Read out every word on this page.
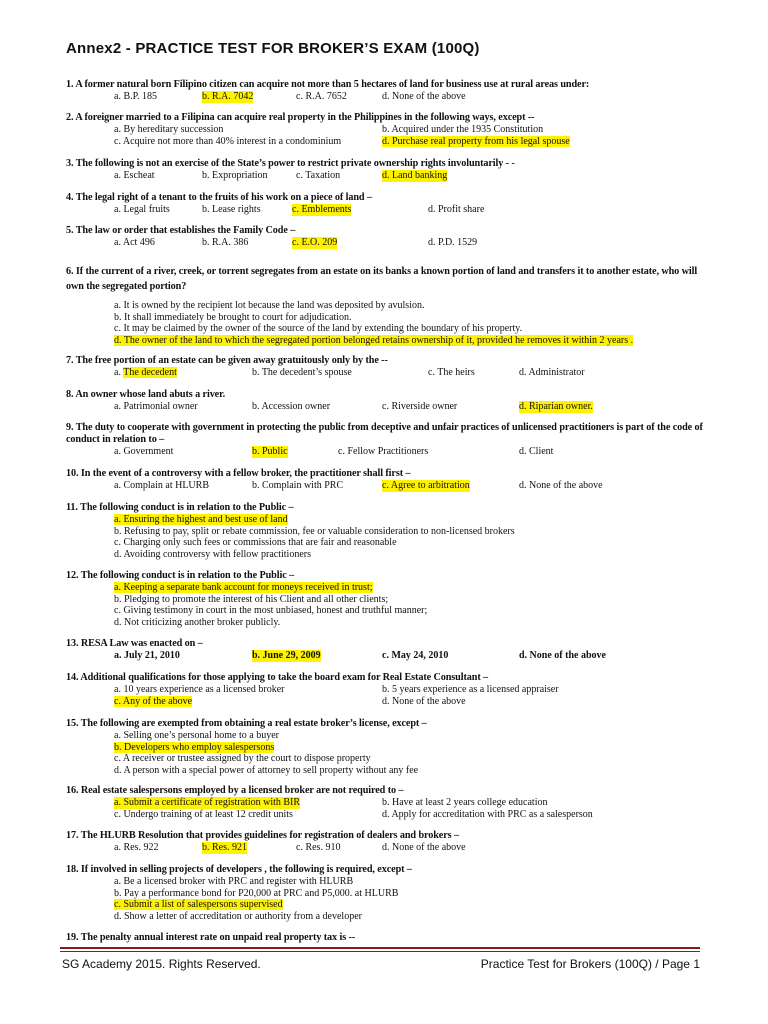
Annex2 - PRACTICE TEST FOR BROKER’S EXAM (100Q)
1. A former natural born Filipino citizen can acquire not more than 5 hectares of land for business use at rural areas under:
a. B.P. 185	b. R.A. 7042	c. R.A. 7652	d. None of the above
2. A foreigner married to a Filipina can acquire real property in the Philippines in the following ways, except --
a. By hereditary succession	b. Acquired under the 1935 Constitution
c. Acquire not more than 40% interest in a condominium	d. Purchase real property from his legal spouse
3. The following is not an exercise of the State’s power to restrict private ownership rights involuntarily - -
a. Escheat	b. Expropriation	c. Taxation	d. Land banking
4. The legal right of a tenant to the fruits of his work on a piece of land –
a. Legal fruits	b. Lease rights	c. Emblements	d. Profit share
5. The law or order that establishes the Family Code –
a. Act 496	b. R.A. 386	c. E.O. 209	d. P.D. 1529
6. If the current of a river, creek, or torrent segregates from an estate on its banks a known portion of land and transfers it to another estate, who will own the segregated portion?
a. It is owned by the recipient lot because the land was deposited by avulsion.
b. It shall immediately be brought to court for adjudication.
c. It may be claimed by the owner of the source of the land by extending the boundary of his property.
d. The owner of the land to which the segregated portion belonged retains ownership of it, provided he removes it within 2 years .
7. The free portion of an estate can be given away gratuitously only by the --
a. The decedent	b. The decedent’s spouse	c. The heirs	d. Administrator
8. An owner whose land abuts a river.
a. Patrimonial owner	b. Accession owner	c. Riverside owner	d. Riparian owner.
9. The duty to cooperate with government in protecting the public from deceptive and unfair practices of unlicensed practitioners is part of the code of conduct in relation to –
a. Government	b. Public	c. Fellow Practitioners	d. Client
10. In the event of a controversy with a fellow broker, the practitioner shall first –
a. Complain at HLURB	b. Complain with PRC	c. Agree to arbitration	d. None of the above
11. The following conduct is in relation to the Public –
a. Ensuring the highest and best use of land
b. Refusing to pay, split or rebate commission, fee or valuable consideration to non-licensed brokers
c. Charging only such fees or commissions that are fair and reasonable
d. Avoiding controversy with fellow practitioners
12. The following conduct is in relation to the Public –
a. Keeping a separate bank account for moneys received in trust;
b. Pledging to promote the interest of his Client and all other clients;
c. Giving testimony in court in the most unbiased, honest and truthful manner;
d. Not criticizing another broker publicly.
13. RESA Law was enacted on –
a. July 21, 2010	b. June 29, 2009	c. May 24, 2010	d. None of the above
14. Additional qualifications for those applying to take the board exam for Real Estate Consultant –
a. 10 years experience as a licensed broker	b. 5 years experience as a licensed appraiser
c. Any of the above	d. None of the above
15. The following are exempted from obtaining a real estate broker’s license, except –
a. Selling one’s personal home to a buyer
b. Developers who employ salespersons
c. A receiver or trustee assigned by the court to dispose property
d. A person with a special power of attorney to sell property without any fee
16. Real estate salespersons employed by a licensed broker are not required to –
a. Submit a certificate of registration with BIR	b. Have at least 2 years college education
c. Undergo training of at least 12 credit units	d. Apply for accreditation with PRC as a salesperson
17. The HLURB Resolution that provides guidelines for registration of dealers and brokers –
a. Res. 922	b. Res. 921	c. Res. 910	d. None of the above
18. If involved in selling projects of developers , the following is required, except –
a. Be a licensed broker with PRC and register with HLURB
b. Pay a performance bond for P20,000 at PRC and P5,000. at HLURB
c. Submit a list of salespersons supervised
d. Show a letter of accreditation or authority from a developer
19. The penalty annual interest rate on unpaid real property tax is --
SG Academy 2015. Rights Reserved.	Practice Test for Brokers (100Q) / Page 1
